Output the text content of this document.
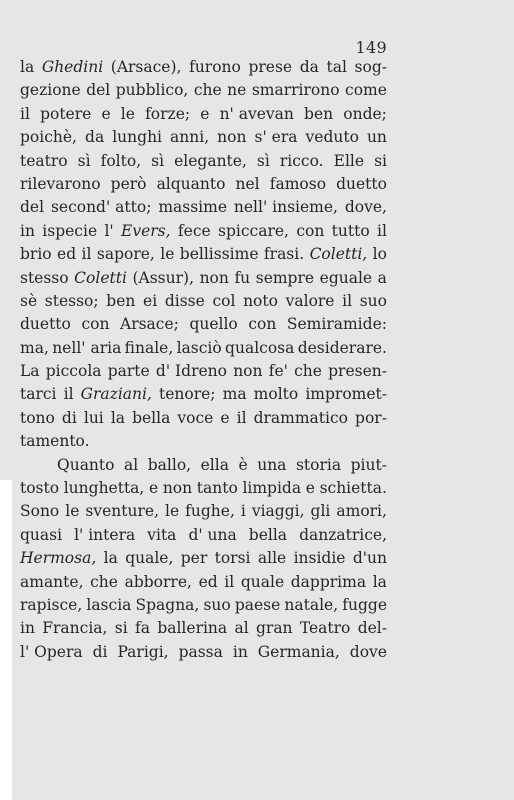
149
la Ghedini (Arsace), furono prese da tal sog-
gezione del pubblico, che ne smarrirono come
il potere e le forze; e n' avevan ben onde;
poichè, da lunghi anni, non s' era veduto un
teatro sì folto, sì elegante, sì ricco. Elle si
rilevarono però alquanto nel famoso duetto
del second' atto; massime nell' insieme, dove,
in ispecie l' Evers, fece spiccare, con tutto il
brio ed il sapore, le bellissime frasi. Coletti, lo
stesso Coletti (Assur), non fu sempre eguale a
sè stesso; ben ei disse col noto valore il suo
duetto con Arsace; quello con Semiramide:
ma, nell' aria finale, lasciò qualcosa desiderare.
La piccola parte d' Idreno non fe' che presen-
tarci il Graziani, tenore; ma molto impromet-
tono di lui la bella voce e il drammatico por-
tamento.
Quanto al ballo, ella è una storia piut-
tosto lunghetta, e non tanto limpida e schietta.
Sono le sventure, le fughe, i viaggi, gli amori,
quasi l' intera vita d' una bella danzatrice,
Hermosa, la quale, per torsi alle insidie d'un
amante, che abborre, ed il quale dapprima la
rapisce, lascia Spagna, suo paese natale, fugge
in Francia, si fa ballerina al gran Teatro del-
l' Opera di Parigi, passa in Germania, dove
